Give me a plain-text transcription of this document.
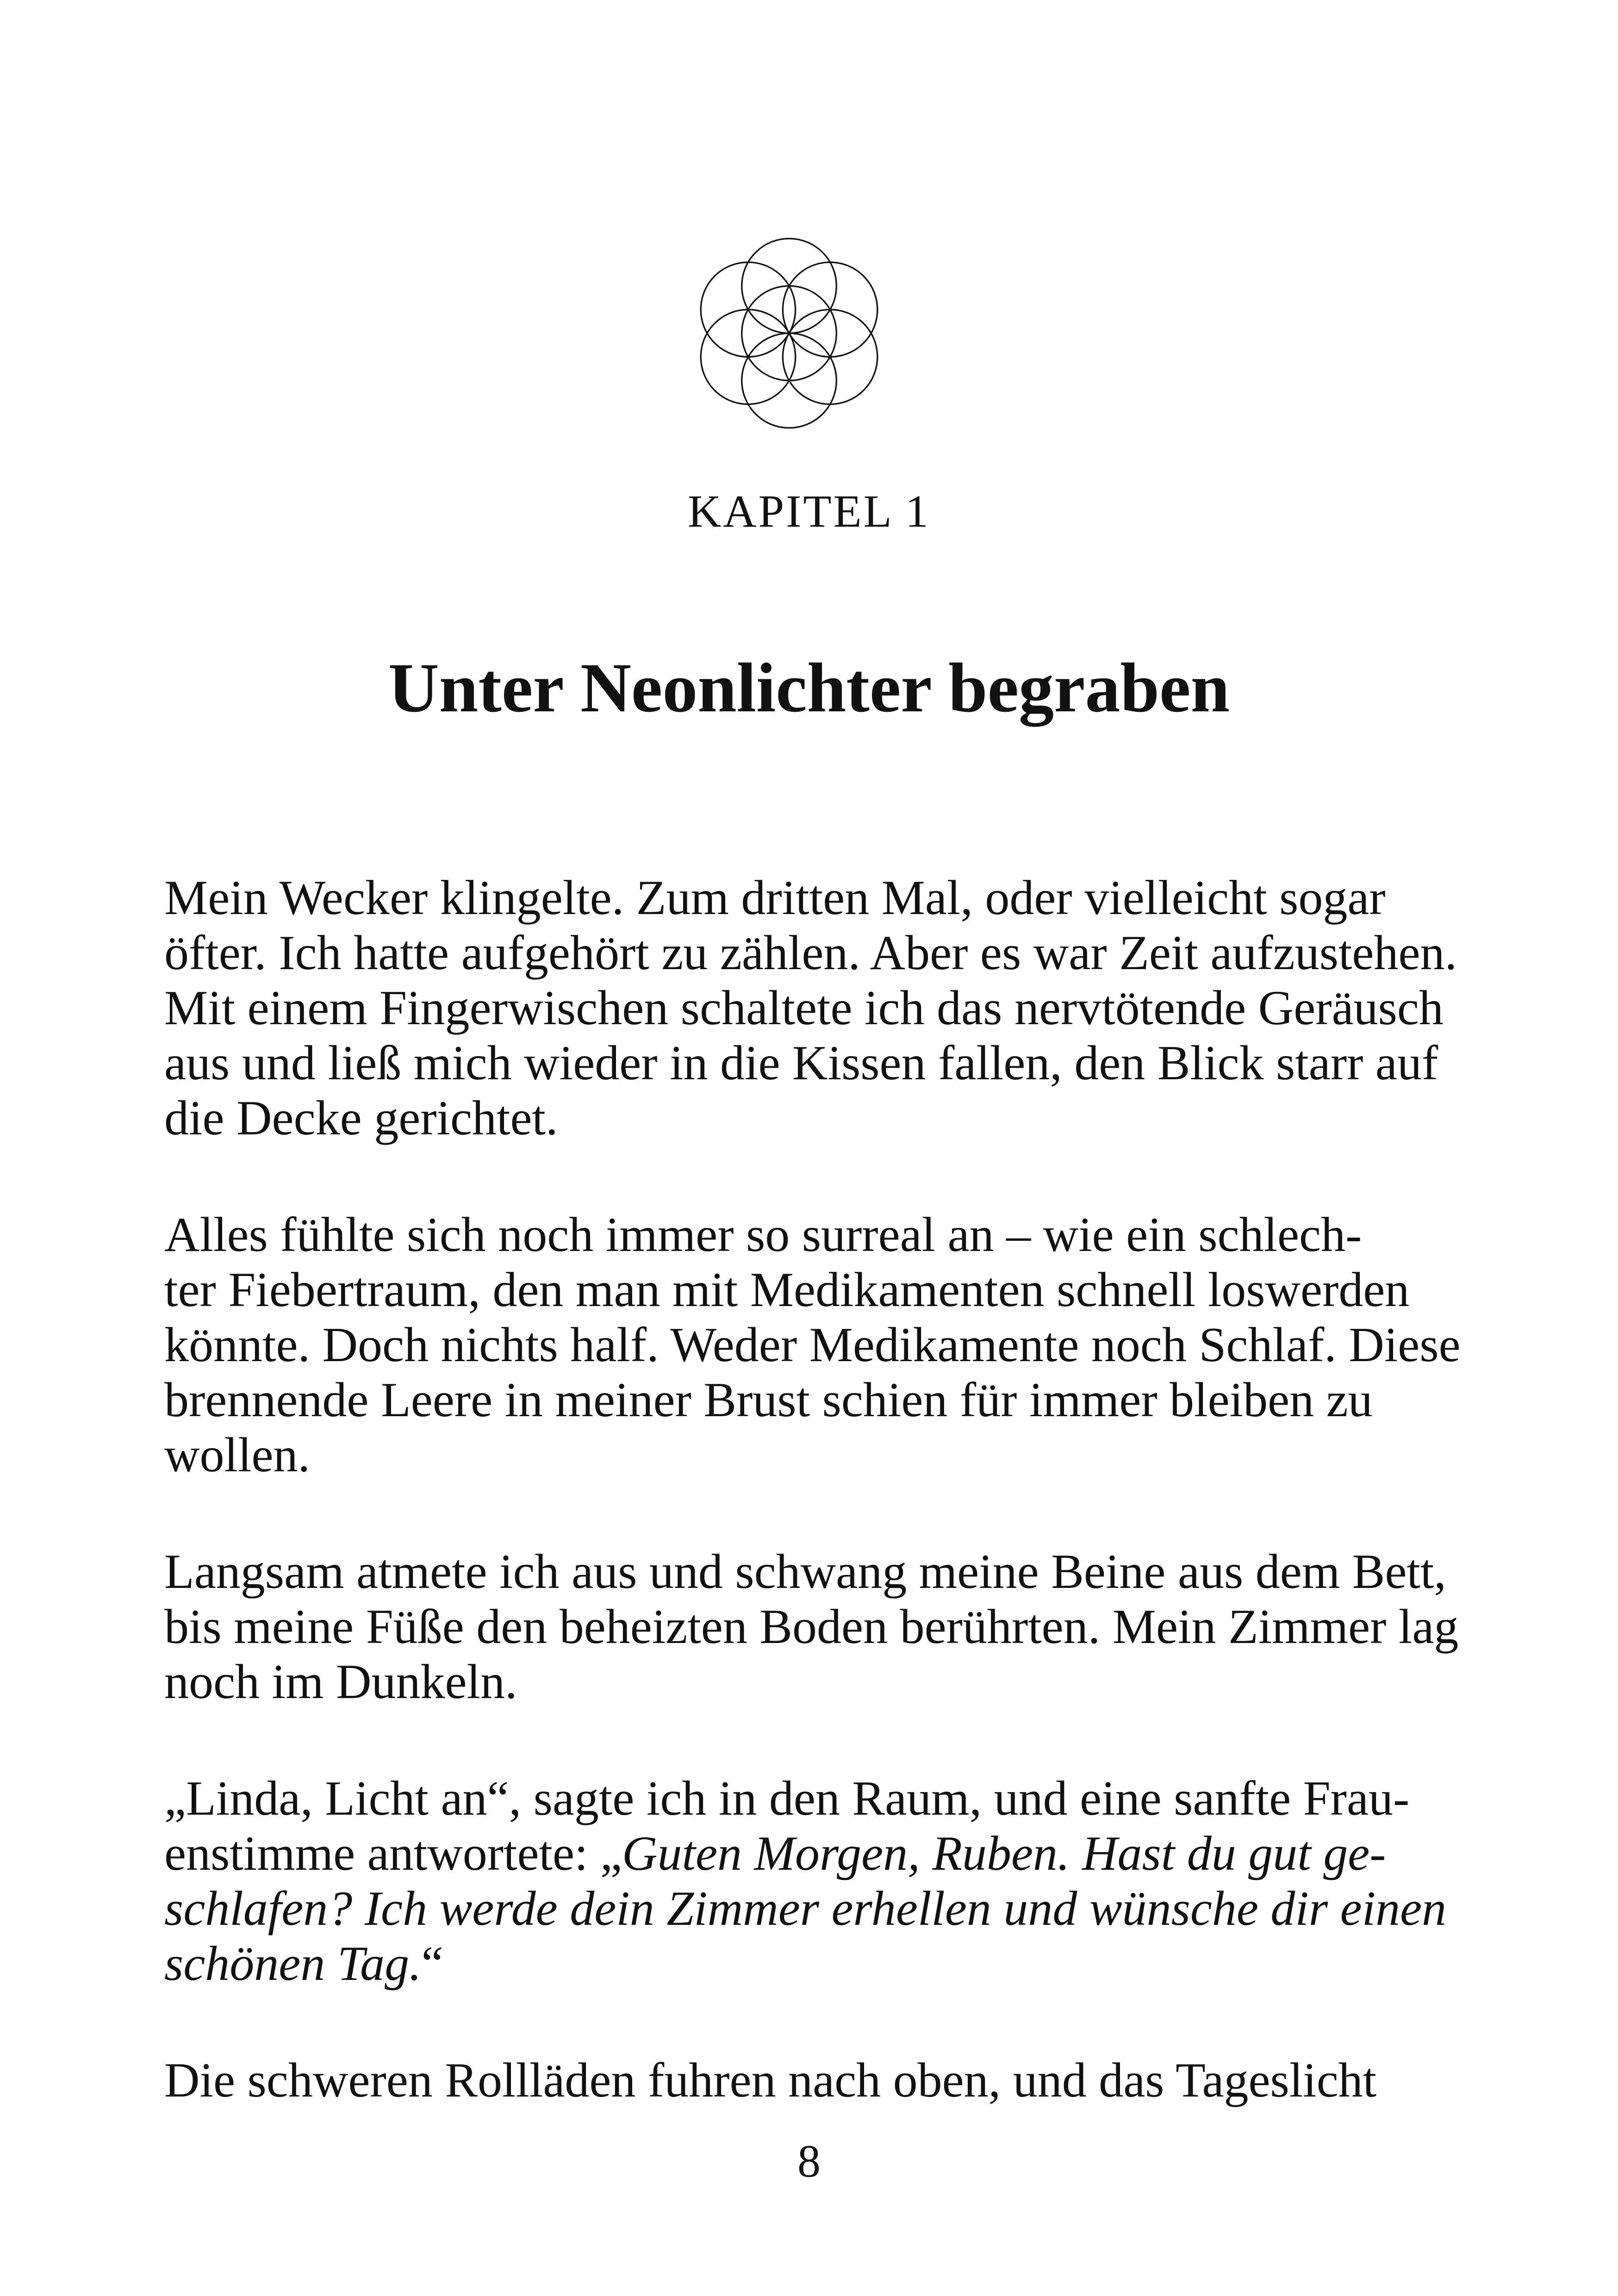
KAPITEL 1
Unter Neonlichter begraben

Mein Wecker klingelte. Zum dritten Mal, oder vielleicht sogar
öfter. Ich hatte aufgehört zu zählen. Aber es war Zeit aufzustehen.
Mit einem Fingerwischen schaltete ich das nervtötende Geräusch
aus und ließ mich wieder in die Kissen fallen, den Blick starr auf
die Decke gerichtet.

Alles fühlte sich noch immer so surreal an – wie ein schlech-
ter Fiebertraum, den man mit Medikamenten schnell loswerden
könnte. Doch nichts half. Weder Medikamente noch Schlaf. Diese
brennende Leere in meiner Brust schien für immer bleiben zu
wollen.

Langsam atmete ich aus und schwang meine Beine aus dem Bett,
bis meine Füße den beheizten Boden berührten. Mein Zimmer lag
noch im Dunkeln.

„Linda, Licht an“, sagte ich in den Raum, und eine sanfte Frau-
enstimme antwortete: „Guten Morgen, Ruben. Hast du gut ge-
schlafen? Ich werde dein Zimmer erhellen und wünsche dir einen
schönen Tag.“

Die schweren Rollläden fuhren nach oben, und das Tageslicht

8
